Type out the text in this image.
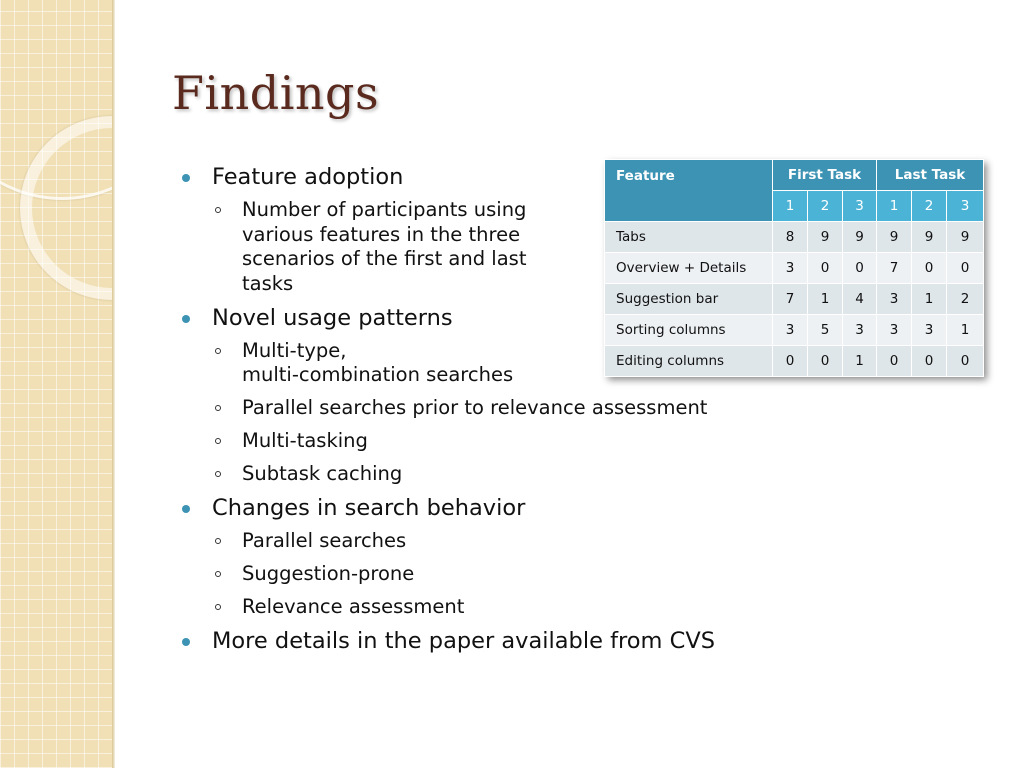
Findings
Feature adoption
Number of participants using various features in the three scenarios of the first and last tasks
Novel usage patterns
Multi-type,
multi-combination searches
Parallel searches prior to relevance assessment
Multi-tasking
Subtask caching
Changes in search behavior
Parallel searches
Suggestion-prone
Relevance assessment
More details in the paper available from CVS
Feature	First Task			Last Task		
	1	2	3	1	2	3
Tabs	8	9	9	9	9	9
Overview + Details	3	0	0	7	0	0
Suggestion bar	7	1	4	3	1	2
Sorting columns	3	5	3	3	3	1
Editing columns	0	0	1	0	0	0
